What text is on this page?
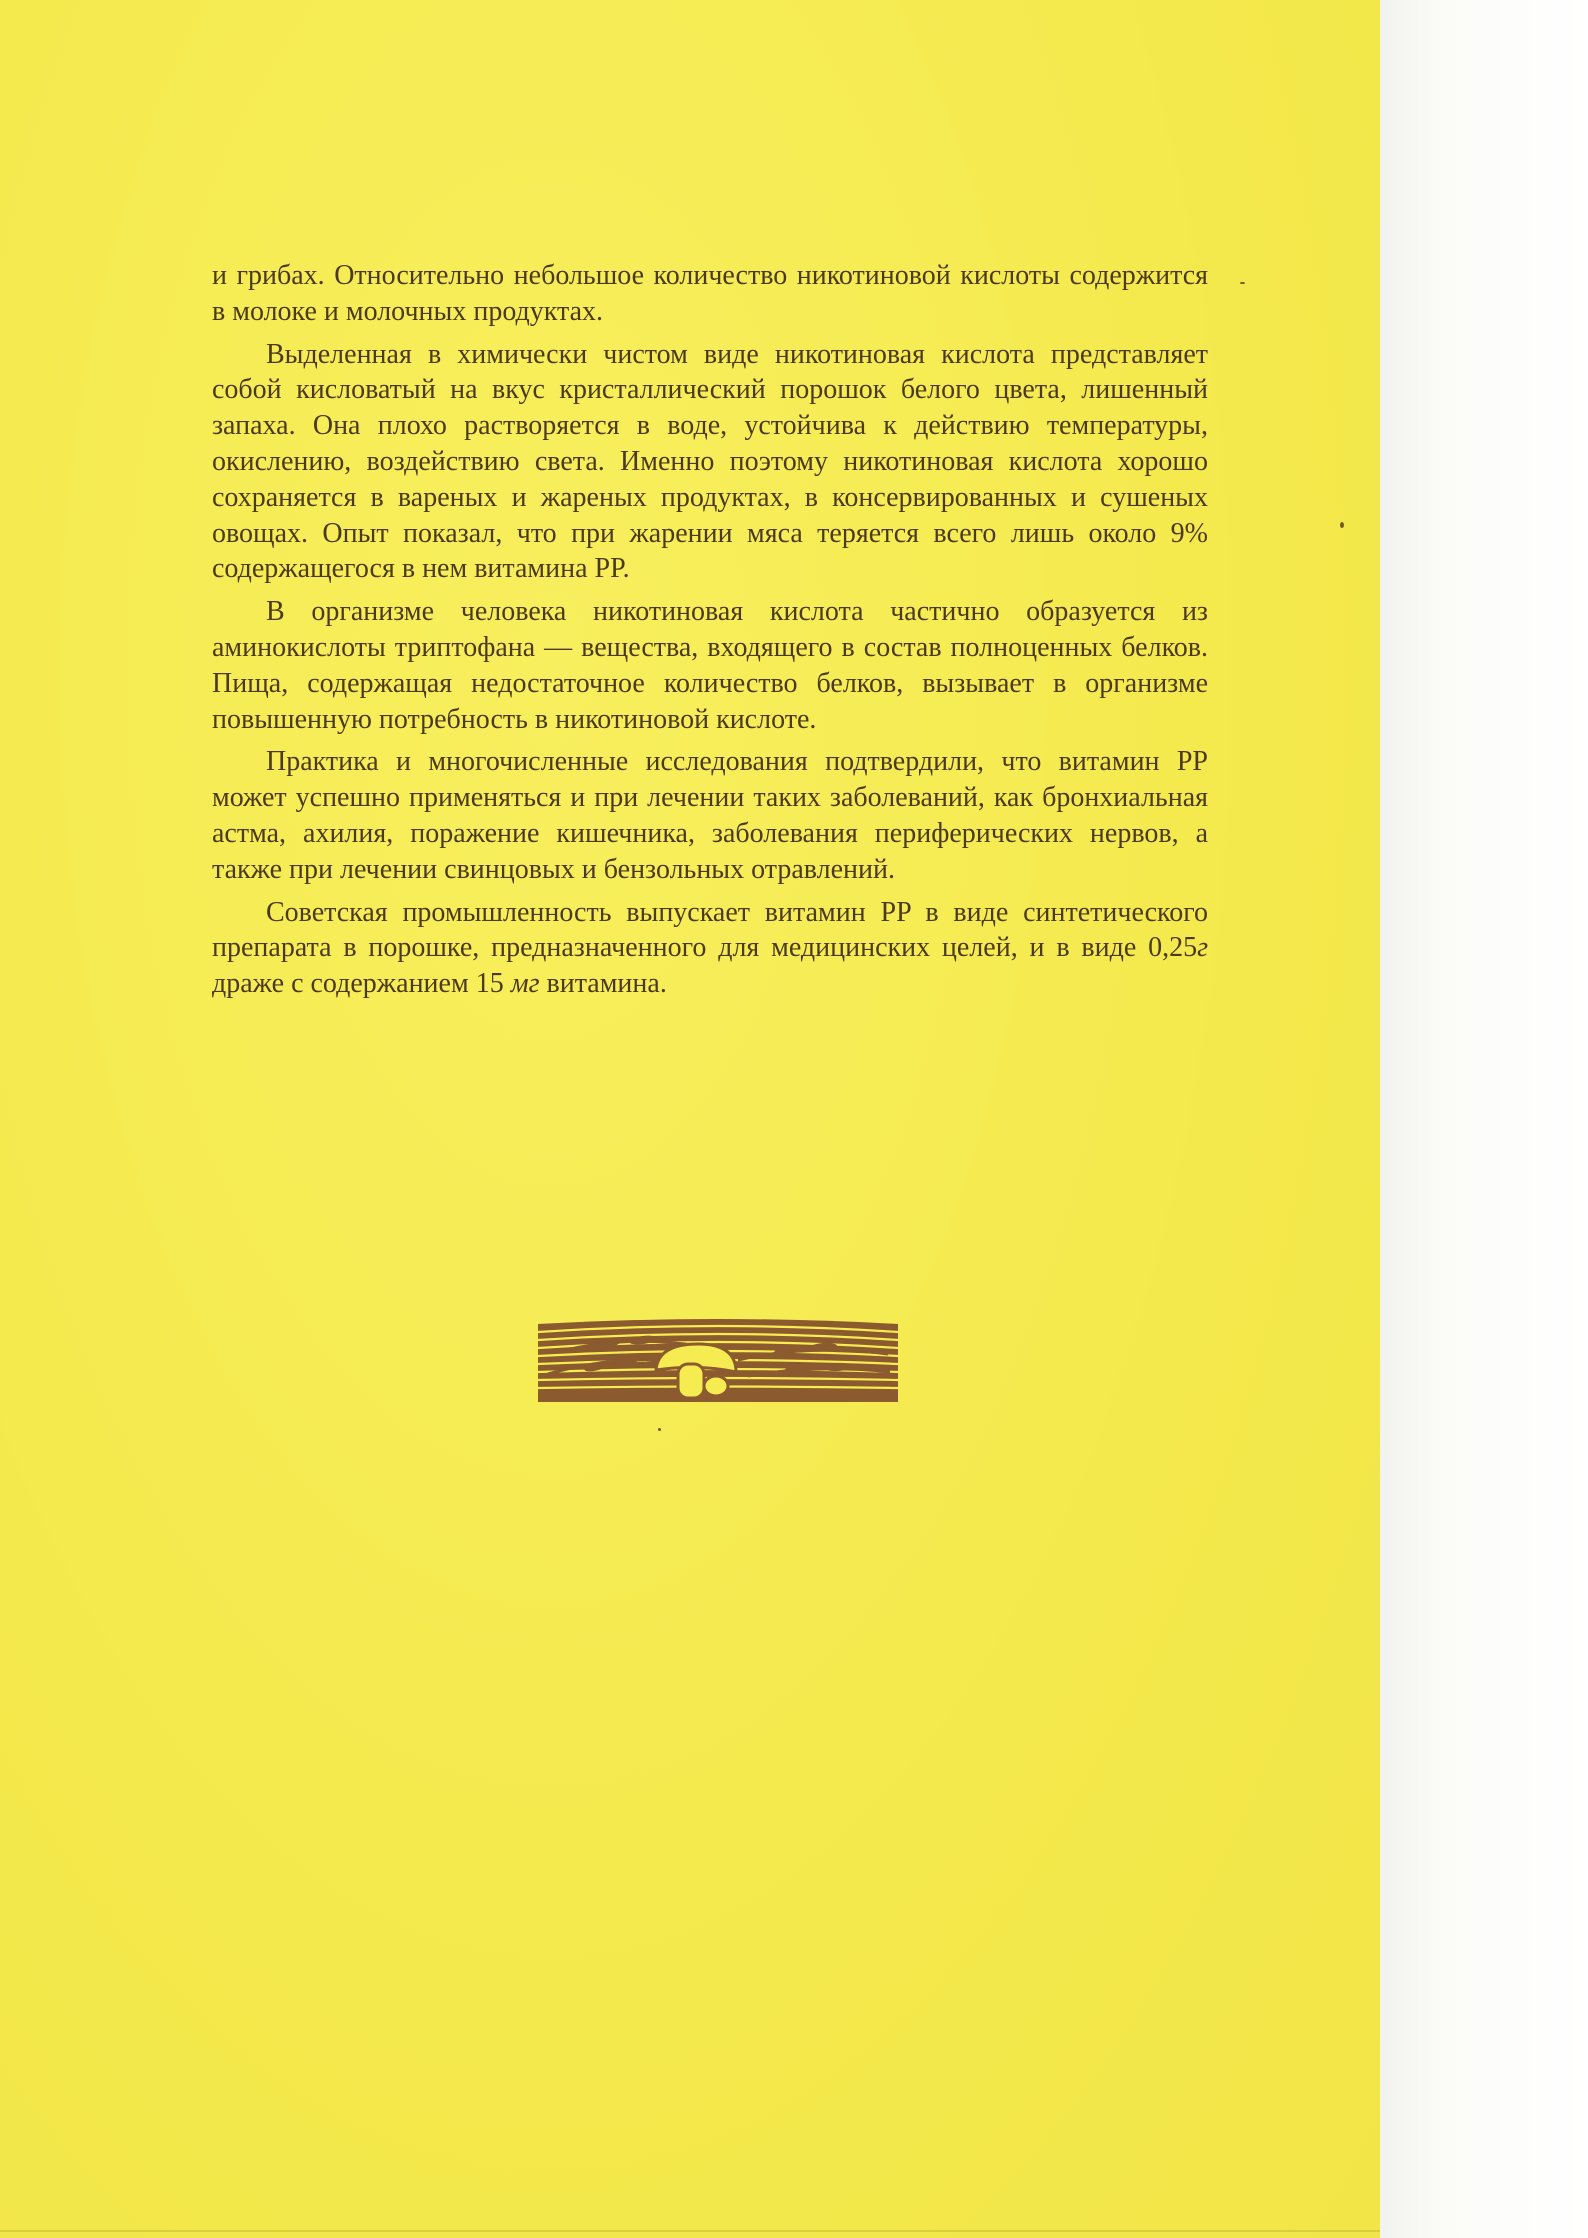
и грибах. Относительно небольшое количество никотиновой кислоты содержится в молоке и молочных продуктах.

Выделенная в химически чистом виде никотиновая кислота представляет собой кисловатый на вкус кристаллический порошок белого цвета, лишенный запаха. Она плохо растворяется в воде, устойчива к действию температуры, окислению, воздействию света. Именно поэтому никотиновая кислота хорошо сохраняется в вареных и жареных продуктах, в консервированных и сушеных овощах. Опыт показал, что при жарении мяса теряется всего лишь около 9% содержащегося в нем витамина PP.

В организме человека никотиновая кислота частично образуется из аминокислоты триптофана — вещества, входящего в состав полноценных белков. Пища, содержащая недостаточное количество белков, вызывает в организме повышенную потребность в никотиновой кислоте.

Практика и многочисленные исследования подтвердили, что витамин PP может успешно применяться и при лечении таких заболеваний, как бронхиальная астма, ахилия, поражение кишечника, заболевания периферических нервов, а также при лечении свинцовых и бензольных отравлений.

Советская промышленность выпускает витамин PP в виде синтетического препарата в порошке, предназначенного для медицинских целей, и в виде 0,25г драже с содержанием 15 мг витамина.
